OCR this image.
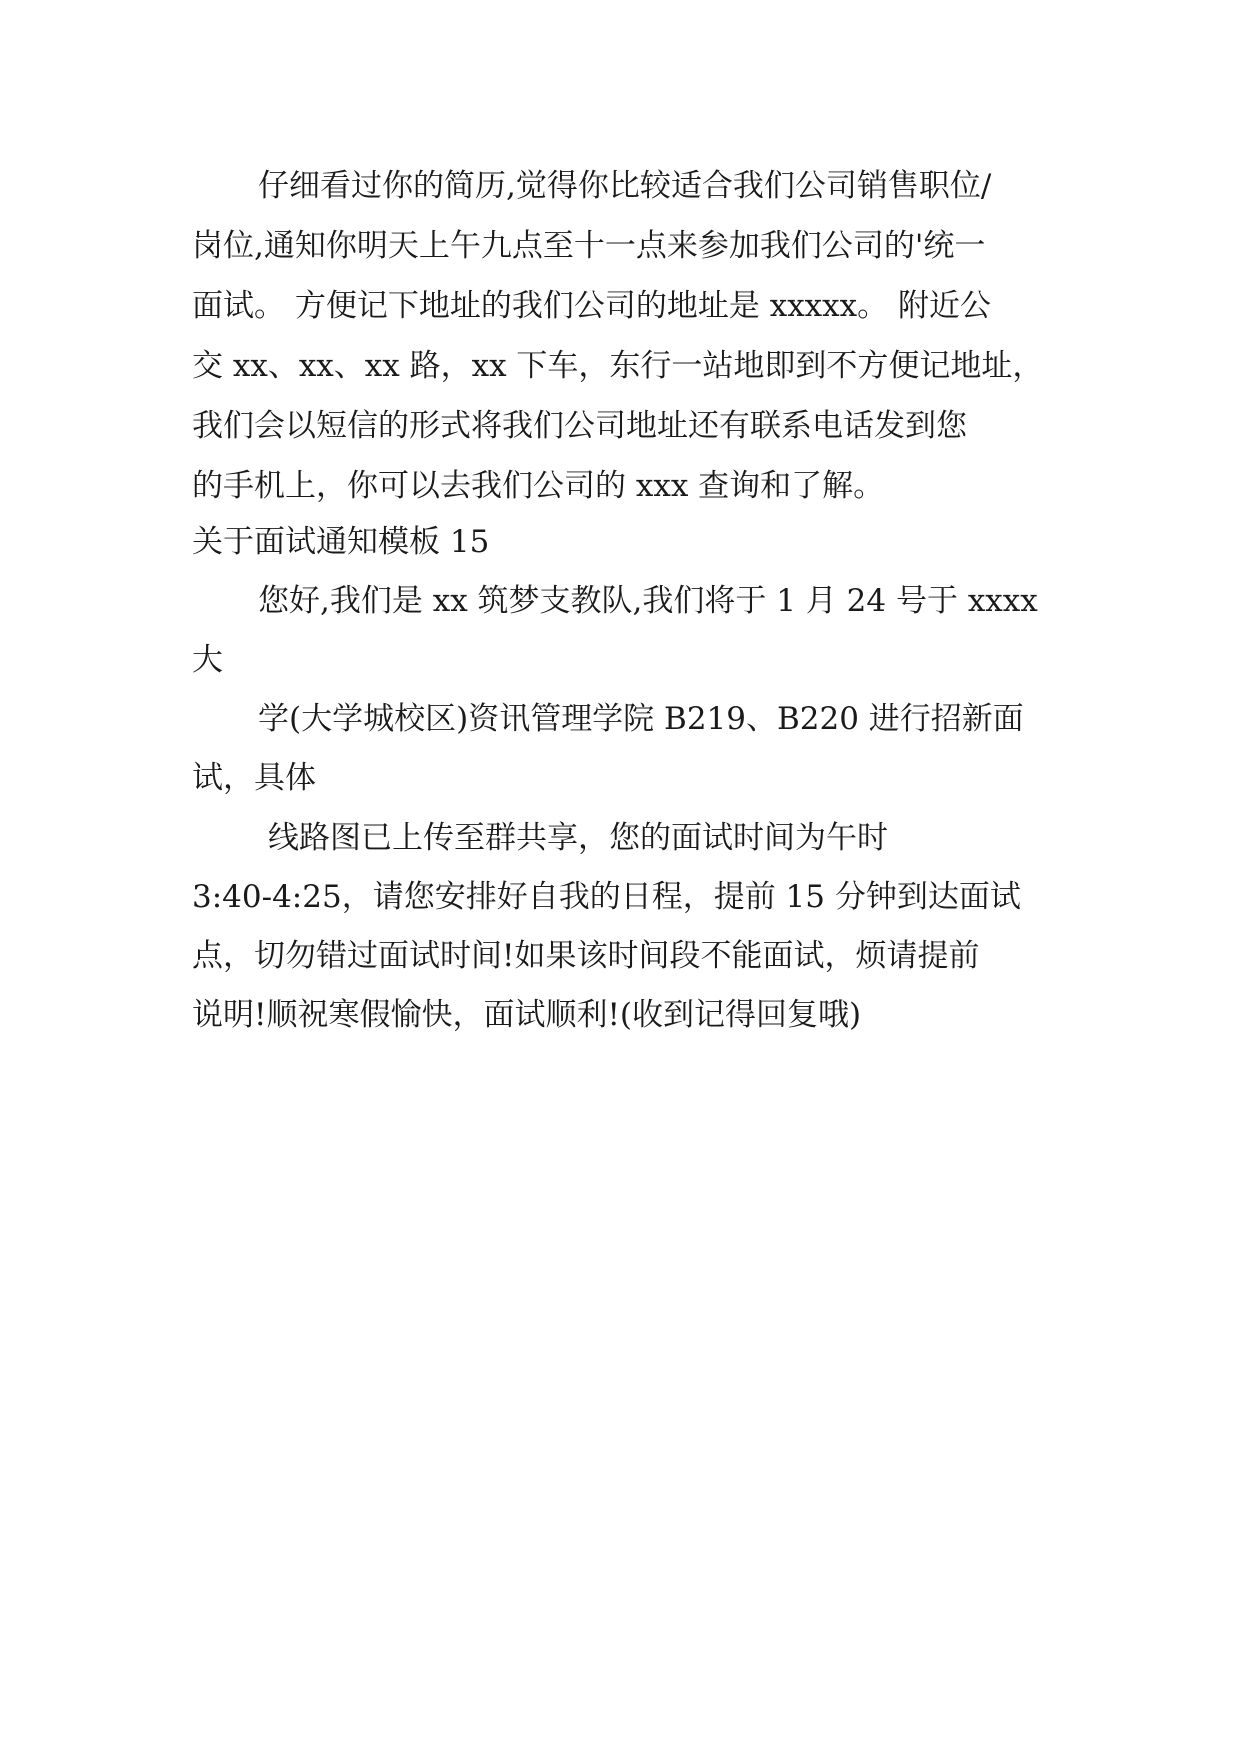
仔细看过你的简历,觉得你比较适合我们公司销售职位/
岗位,通知你明天上午九点至十一点来参加我们公司的'统一
面试。 方便记下地址的我们公司的地址是 xxxxx。 附近公
交 xx、xx、xx 路，xx 下车，东行一站地即到不方便记地址，
我们会以短信的形式将我们公司地址还有联系电话发到您
的手机上，你可以去我们公司的 xxx 查询和了解。
关于面试通知模板 15
您好,我们是 xx 筑梦支教队,我们将于 1 月 24 号于 xxxx
大
学(大学城校区)资讯管理学院 B219、B220 进行招新面
试，具体
线路图已上传至群共享，您的面试时间为午时
3:40-4:25，请您安排好自我的日程，提前 15 分钟到达面试
点，切勿错过面试时间!如果该时间段不能面试，烦请提前
说明!顺祝寒假愉快，面试顺利!(收到记得回复哦)
